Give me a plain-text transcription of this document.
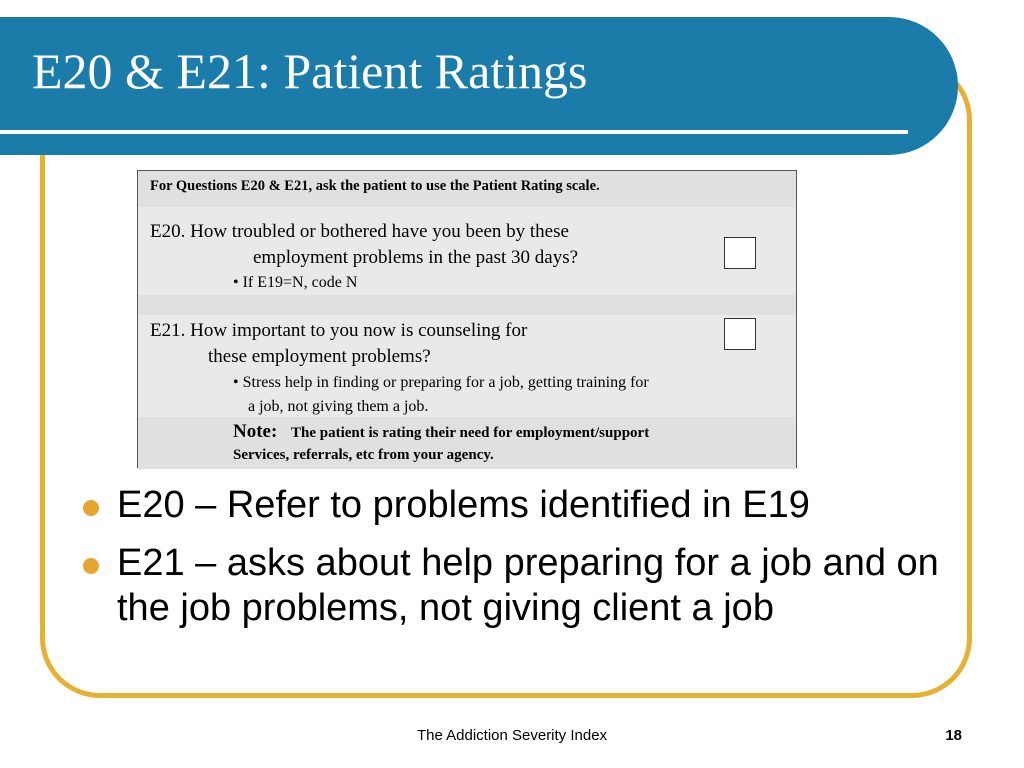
E20 & E21: Patient Ratings
For Questions E20 & E21, ask the patient to use the Patient Rating scale.
E20. How troubled or bothered have you been by these
employment problems in the past 30 days?
• If E19=N, code N
E21. How important to you now is counseling for
these employment problems?
• Stress help in finding or preparing for a job, getting training for
a job, not giving them a job.
Note: The patient is rating their need for employment/support
Services, referrals, etc from your agency.
E20 – Refer to problems identified in E19
E21 – asks about help preparing for a job and on the job problems, not giving client a job
The Addiction Severity Index	18
